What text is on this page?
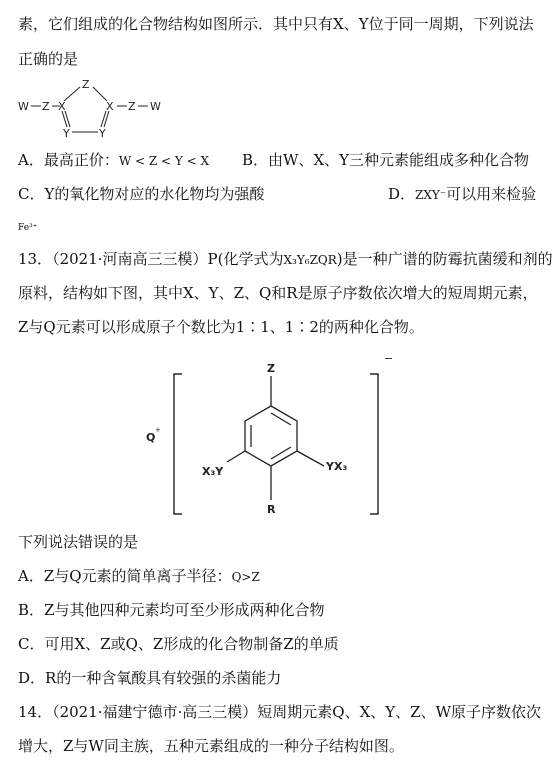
素，它们组成的化合物结构如图所示．其中只有X、Y位于同一周期，下列说法
正确的是
W Z X
Z
X Z W
Y	Y
A．最高正价：W < Z < Y < X B．由W、X、Y三种元素能组成多种化合物
C．Y的氧化物对应的水化物均为强酸	D．ZXY⁻可以用来检验
Fe³⁺
13．（2021·河南高三三模）P(化学式为X₃Y₆ZQR)是一种广谱的防霉抗菌缓和剂的
原料，结构如下图，其中X、Y、Z、Q和R是原子序数依次增大的短周期元素，
Z与Q元素可以形成原子个数比为1∶1、1∶2的两种化合物。
Q
+
−
Z
X₃Y	YX₃
R
下列说法错误的是
A．Z与Q元素的简单离子半径：Q>Z
B．Z与其他四种元素均可至少形成两种化合物
C．可用X、Z或Q、Z形成的化合物制备Z的单质
D．R的一种含氧酸具有较强的杀菌能力
14．（2021·福建宁德市·高三三模）短周期元素Q、X、Y、Z、W原子序数依次
增大，Z与W同主族，五种元素组成的一种分子结构如图。
